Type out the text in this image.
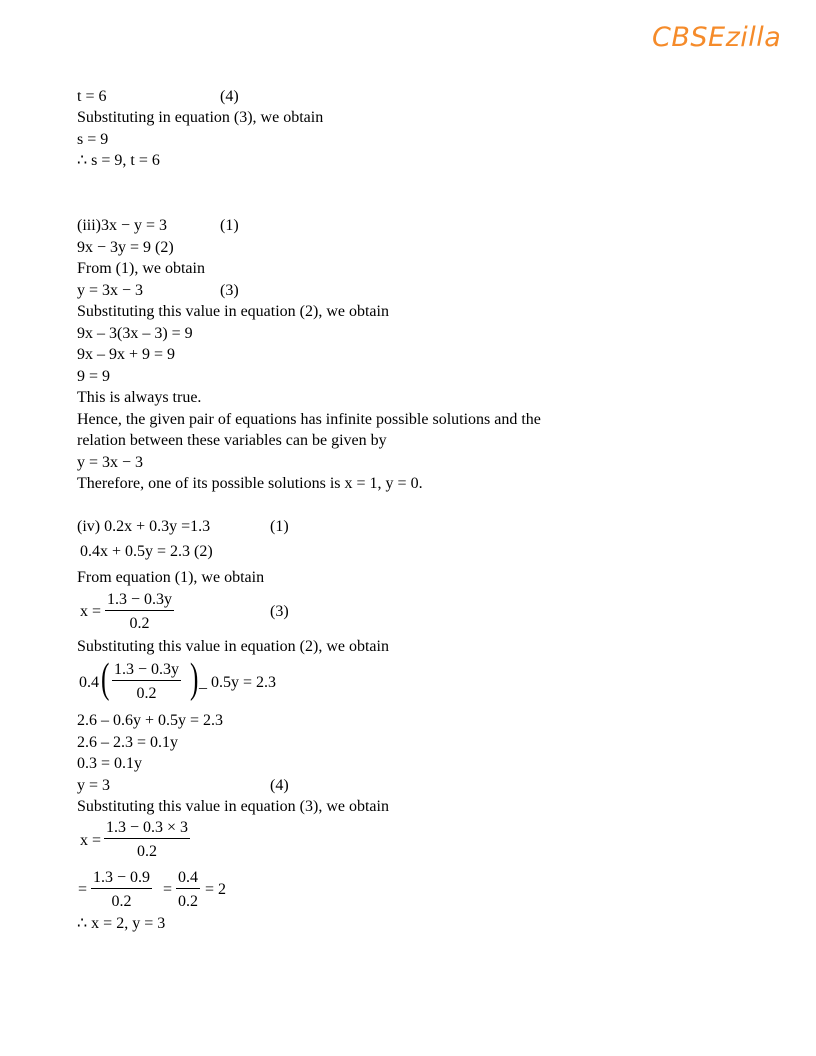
CBSEzilla
t = 6	(4)
Substituting in equation (3), we obtain
s = 9
∴ s = 9, t = 6
(iii)3x − y = 3	(1)
9x − 3y = 9 (2)
From (1), we obtain
y = 3x − 3	(3)
Substituting this value in equation (2), we obtain
9x – 3(3x – 3) = 9
9x – 9x + 9 = 9
9 = 9
This is always true.
Hence, the given pair of equations has infinite possible solutions and the
relation between these variables can be given by
y = 3x − 3
Therefore, one of its possible solutions is x = 1, y = 0.
(iv) 0.2x + 0.3y =1.3	(1)
0.4x + 0.5y = 2.3 (2)
From equation (1), we obtain
$x = \frac{1.3 - 0.3y}{0.2}$	(3)
Substituting this value in equation (2), we obtain
0.4 ( $\frac{1.3 - 0.3y}{0.2}$ ) _ 0.5y = 2.3
2.6 – 0.6y + 0.5y = 2.3
2.6 – 2.3 = 0.1y
0.3 = 0.1y
y = 3	(4)
Substituting this value in equation (3), we obtain
$x = \frac{1.3 - 0.3 \times 3}{0.2}$
= $\frac{1.3 - 0.9}{0.2} = \frac{0.4}{0.2} = 2$
∴ x = 2, y = 3
